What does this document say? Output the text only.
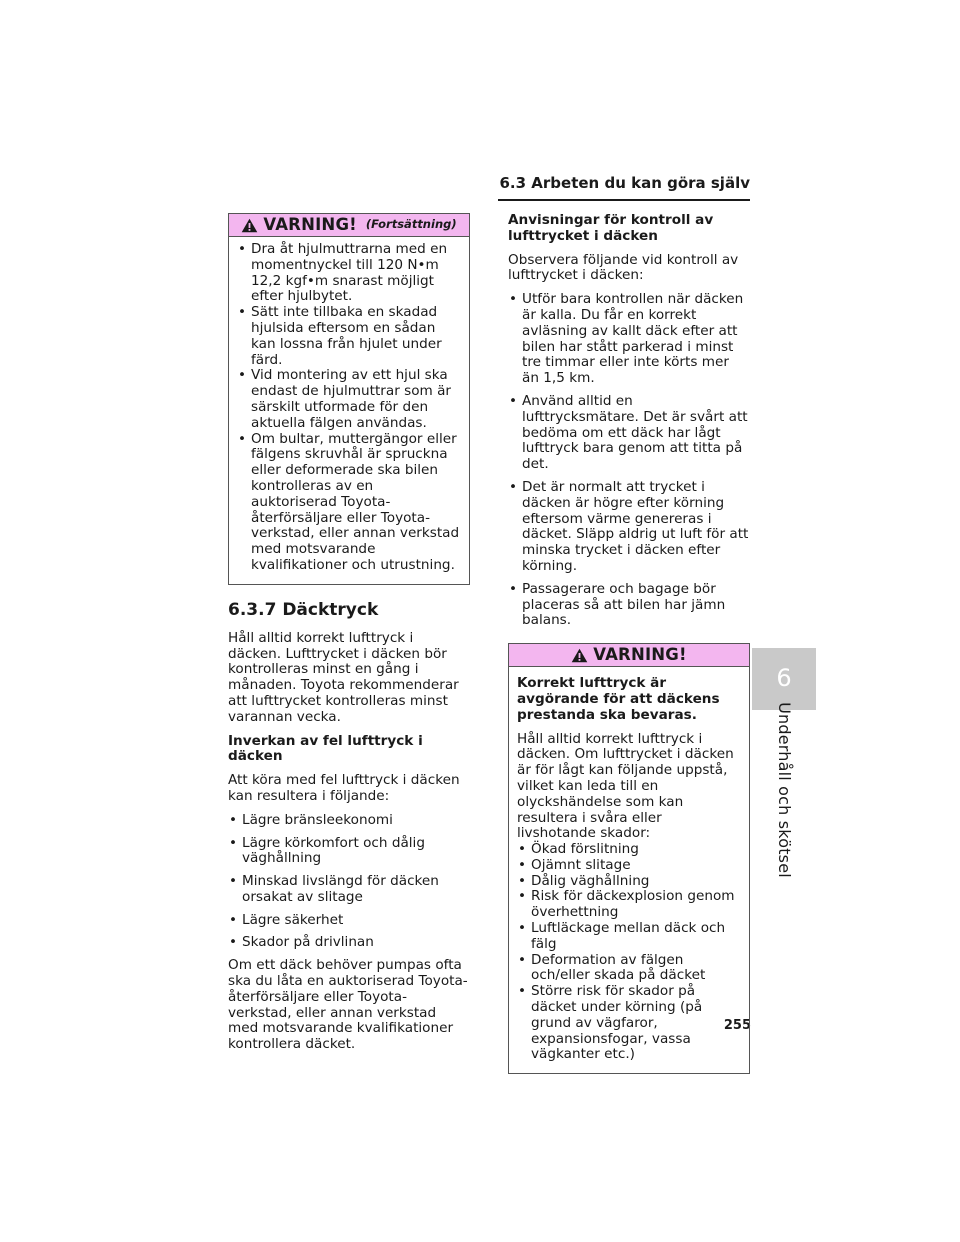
6.3 Arbeten du kan göra själv
6
Underhåll och skötsel
255
VARNING! (Fortsättning)
• Dra åt hjulmuttrarna med en momentnyckel till 120 N•m 12,2 kgf•m snarast möjligt efter hjulbytet.
• Sätt inte tillbaka en skadad hjulsida eftersom en sådan kan lossna från hjulet under färd.
• Vid montering av ett hjul ska endast de hjulmuttrar som är särskilt utformade för den aktuella fälgen användas.
• Om bultar, muttergängor eller fälgens skruvhål är spruckna eller deformerade ska bilen kontrolleras av en auktoriserad Toyota-återförsäljare eller Toyota-verkstad, eller annan verkstad med motsvarande kvalifikationer och utrustning.
6.3.7 Däcktryck

Håll alltid korrekt lufttryck i däcken. Lufttrycket i däcken bör kontrolleras minst en gång i månaden. Toyota rekommenderar att lufttrycket kontrolleras minst varannan vecka.

Inverkan av fel lufttryck i däcken

Att köra med fel lufttryck i däcken kan resultera i följande:

• Lägre bränsleekonomi
• Lägre körkomfort och dålig väghållning
• Minskad livslängd för däcken orsakat av slitage
• Lägre säkerhet
• Skador på drivlinan

Om ett däck behöver pumpas ofta ska du låta en auktoriserad Toyota-återförsäljare eller Toyota-verkstad, eller annan verkstad med motsvarande kvalifikationer kontrollera däcket.

Anvisningar för kontroll av lufttrycket i däcken

Observera följande vid kontroll av lufttrycket i däcken:

• Utför bara kontrollen när däcken är kalla. Du får en korrekt avläsning av kallt däck efter att bilen har stått parkerad i minst tre timmar eller inte körts mer än 1,5 km.
• Använd alltid en lufttrycksmätare. Det är svårt att bedöma om ett däck har lågt lufttryck bara genom att titta på det.
• Det är normalt att trycket i däcken är högre efter körning eftersom värme genereras i däcket. Släpp aldrig ut luft för att minska trycket i däcken efter körning.
• Passagerare och bagage bör placeras så att bilen har jämn balans.
VARNING!

Korrekt lufttryck är avgörande för att däckens prestanda ska bevaras.

Håll alltid korrekt lufttryck i däcken. Om lufttrycket i däcken är för lågt kan följande uppstå, vilket kan leda till en olyckshändelse som kan resultera i svåra eller livshotande skador:

• Ökad förslitning
• Ojämnt slitage
• Dålig väghållning
• Risk för däckexplosion genom överhettning
• Luftläckage mellan däck och fälg
• Deformation av fälgen och/eller skada på däcket
• Större risk för skador på däcket under körning (på grund av vägfaror, expansionsfogar, vassa vägkanter etc.)
